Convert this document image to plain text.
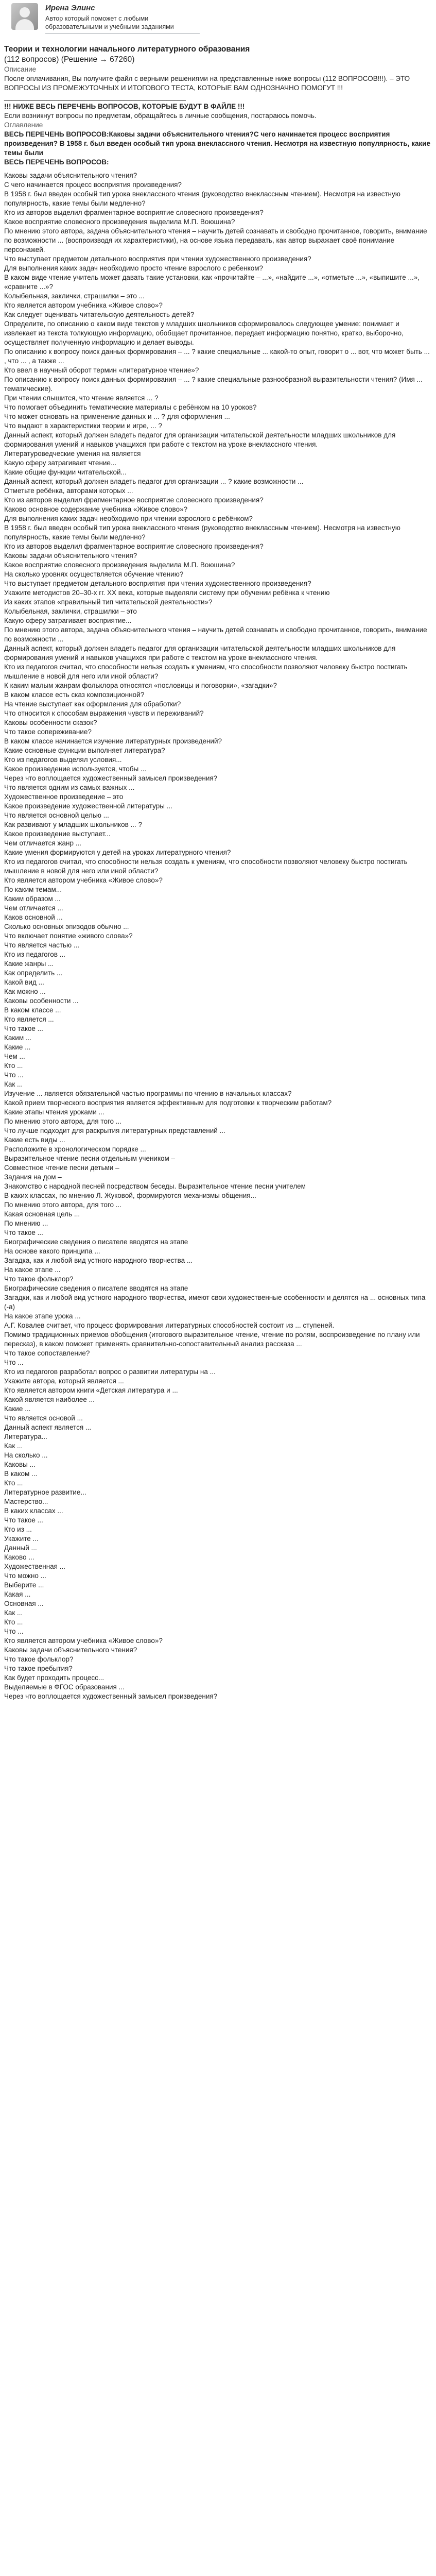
Ирена Элинс
Автор который поможет с любыми образовательными и учебными заданиями
Теории и технологии начального литературного образования
(112 вопросов) (Решение → 67260)
Описание

После оплачивания, Вы получите файл с верными решениями на представленные ниже вопросы (112 ВОПРОСОВ!!!). – ЭТО ВОПРОСЫ ИЗ ПРОМЕЖУТОЧНЫХ И ИТОГОВОГО ТЕСТА, КОТОРЫЕ ВАМ ОДНОЗНАЧНО ПОМОГУТ !!!

_______________________________________________

!!! НИЖЕ ВЕСЬ ПЕРЕЧЕНЬ ВОПРОСОВ, КОТОРЫЕ БУДУТ В ФАЙЛЕ !!!

Если возникнут вопросы по предметам, обращайтесь в личные сообщения, постараюсь помочь.

Оглавление

ВЕСЬ ПЕРЕЧЕНЬ ВОПРОСОВ:Каковы задачи объяснительного чтения?С чего начинается процесс восприятия произведения? В 1958 г. был введен особый тип урока внеклассного чтения. Несмотря на известную популярность, какие темы были

ВЕСЬ ПЕРЕЧЕНЬ ВОПРОСОВ:

Каковы задачи объяснительного чтения?

С чего начинается процесс восприятия произведения?

В 1958 г. был введен особый тип урока внеклассного чтения (руководство внеклассным чтением). Несмотря на известную популярность, какие темы были медленно?

Кто из авторов выделил фрагментарное восприятие словесного произведения?

Какое восприятие словесного произведения выделила М.П. Воюшина?

По мнению этого автора, задача объяснительного чтения – научить детей сознавать и свободно прочитанное, говорить, внимание по возможности ... (воспроизводя их характеристики), на основе языка передавать, как автор выражает своё понимание персонажей.

Что выступает предметом детального восприятия при чтении художественного произведения?

Для выполнения каких задач необходимо просто чтение взрослого с ребенком?

В каком виде чтение учитель может давать такие установки, как «прочитайте – ...», «найдите ...», «отметьте ...», «выпишите ...», «сравните ...»?

Колыбельная, заклички, страшилки – это ...

Кто является автором учебника «Живое слово»?

Как следует оценивать читательскую деятельность детей?

Определите, по описанию о каком виде текстов у младших школьников сформировалось следующее умение: понимает и извлекает из текста толкующую информацию, обобщает прочитанное, передает информацию понятно, кратко, выборочно, осуществляет полученную информацию и делает выводы.

По описанию к вопросу поиск данных формирования – ... ? какие специальные ... какой-то опыт, говорит о ... вот, что может быть ... , что ... , а также ...

Кто ввел в научный оборот термин «литературное чтение»?

По описанию к вопросу поиск данных формирования – ... ? какие специальные разнообразной выразительности чтения? (Имя ... тематические).

При чтении слышится, что чтение является ... ?

Что помогает объединить тематические материалы с ребёнком на 10 уроков?

Что может основать на применение данных и ... ? для оформления ...

Что выдают в характеристики теории и игре, ... ?

Данный аспект, который должен владеть педагог для организации читательской деятельности младших школьников для формирования умений и навыков учащихся при работе с текстом на уроке внеклассного чтения.

Литературоведческие умения на является

Какую сферу затрагивает чтение...

Какие общие функции читательской...

Данный аспект, который должен владеть педагог для организации ... ? какие возможности ...

Отметьте ребёнка, авторами которых ...

Кто из авторов выделил фрагментарное восприятие словесного произведения?

Каково основное содержание учебника «Живое слово»?

Для выполнения каких задач необходимо при чтении взрослого с ребёнком?

В 1958 г. был введен особый тип урока внеклассного чтения (руководство внеклассным чтением). Несмотря на известную популярность, какие темы были медленно?

Кто из авторов выделил фрагментарное восприятие словесного произведения?

Каковы задачи объяснительного чтения?

Какое восприятие словесного произведения выделила М.П. Воюшина?

На сколько уровнях осуществляется обучение чтению?

Что выступает предметом детального восприятия при чтении художественного произведения?

Укажите методистов 20–30-х гг. ХХ века, которые выделяли систему при обучении ребёнка к чтению

Из каких этапов «правильный тип читательской деятельности»?

Колыбельная, заклички, страшилки – это

Какую сферу затрагивает восприятие...

По мнению этого автора, задача объяснительного чтения – научить детей сознавать и свободно прочитанное, говорить, внимание по возможности ...

Данный аспект, который должен владеть педагог для организации читательской деятельности младших школьников для формирования умений и навыков учащихся при работе с текстом на уроке внеклассного чтения.

Кто из педагогов считал, что способности нельзя создать к умениям, что способности позволяют человеку быстро постигать мышление в новой для него или иной области?

К каким малым жанрам фольклора относятся «пословицы и поговорки», «загадки»?

В каком классе есть сказ композиционной?

На чтение выступает как оформления для обработки?

Что относится к способам выражения чувств и переживаний?

Каковы особенности сказок?

Что такое сопереживание?

В каком классе начинается изучение литературных произведений?

Какие основные функции выполняет литература?

Кто из педагогов выделял условия...

Какое произведение используется, чтобы ...

Через что воплощается художественный замысел произведения?

Что является одним из самых важных ...

Художественное произведение – это

Какое произведение художественной литературы ...

Что является основной целью ...

Как развивают у младших школьников ... ?

Какое произведение выступает...

Чем отличается жанр ...

Какие умения формируются у детей на уроках литературного чтения?

Кто из педагогов считал, что способности нельзя создать к умениям, что способности позволяют человеку быстро постигать мышление в новой для него или иной области?

Кто является автором учебника «Живое слово»?

По каким темам...

Каким образом ...

Чем отличается ...

Каков основной ...

Сколько основных эпизодов обычно ...

Что включает понятие «живого слова»?

Что является частью ...

Кто из педагогов ...

Какие жанры ...

Как определить ...

Какой вид ...

Как можно ...

Каковы особенности ...

В каком классе ...

Кто является ...

Что такое ...

Каким ...

Какие ...

Чем ...

Кто ...

Что ...

Как ...

Изучение ... является обязательной частью программы по чтению в начальных классах?

Какой прием творческого восприятия является эффективным для подготовки к творческим работам?

Какие этапы чтения уроками ...

По мнению этого автора, для того ...

Что лучше подходит для раскрытия литературных представлений ...

Какие есть виды ...

Расположите в хронологическом порядке ...

Выразительное чтение песни отдельным учеником –

Совместное чтение песни детьми –

Задания на дом –

Знакомство с народной песней посредством беседы. Выразительное чтение песни учителем

В каких классах, по мнению Л. Жуковой, формируются механизмы общения...

По мнению этого автора, для того ...

Какая основная цель ...

По мнению ...

Что такое ...

Биографические сведения о писателе вводятся на этапе

На основе какого принципа ...

Загадка, как и любой вид устного народного творчества ...

На какое этапе ...

Что такое фольклор?

Биографические сведения о писателе вводятся на этапе

Загадки, как и любой вид устного народного творчества, имеют свои художественные особенности и делятся на ... основных типа (-а)

На какое этапе урока ...

А.Г. Ковалев считает, что процесс формирования литературных способностей состоит из ... ступеней.

Помимо традиционных приемов обобщения (итогового выразительное чтение, чтение по ролям, воспроизведение по плану или пересказ), в каком поможет применять сравнительно-сопоставительный анализ рассказа ...

Что такое сопоставление?

Что ...

Кто из педагогов разработал вопрос о развитии литературы на ...

Укажите автора, который является ...

Кто является автором книги «Детская литература и ...

Какой является наиболее ...

Какие ...

Что является основой ...

Данный аспект является ...

Литература...

Как ...

На сколько ...

Каковы ...

В каком ...

Кто ...

Литературное развитие...

Мастерство...

В каких классах ...

Что такое ...

Кто из ...

Укажите ...

Данный ...

Каково ...

Художественная ...

Что можно ...

Выберите ...

Какая ...

Основная ...

Как ...

Кто ...

Что ...

Кто является автором учебника «Живое слово»?

Каковы задачи объяснительного чтения?

Что такое фольклор?

Что такое пребытия?

Как будет проходить процесс...

Выделяемые в ФГОС образования ...

Через что воплощается художественный замысел произведения?
